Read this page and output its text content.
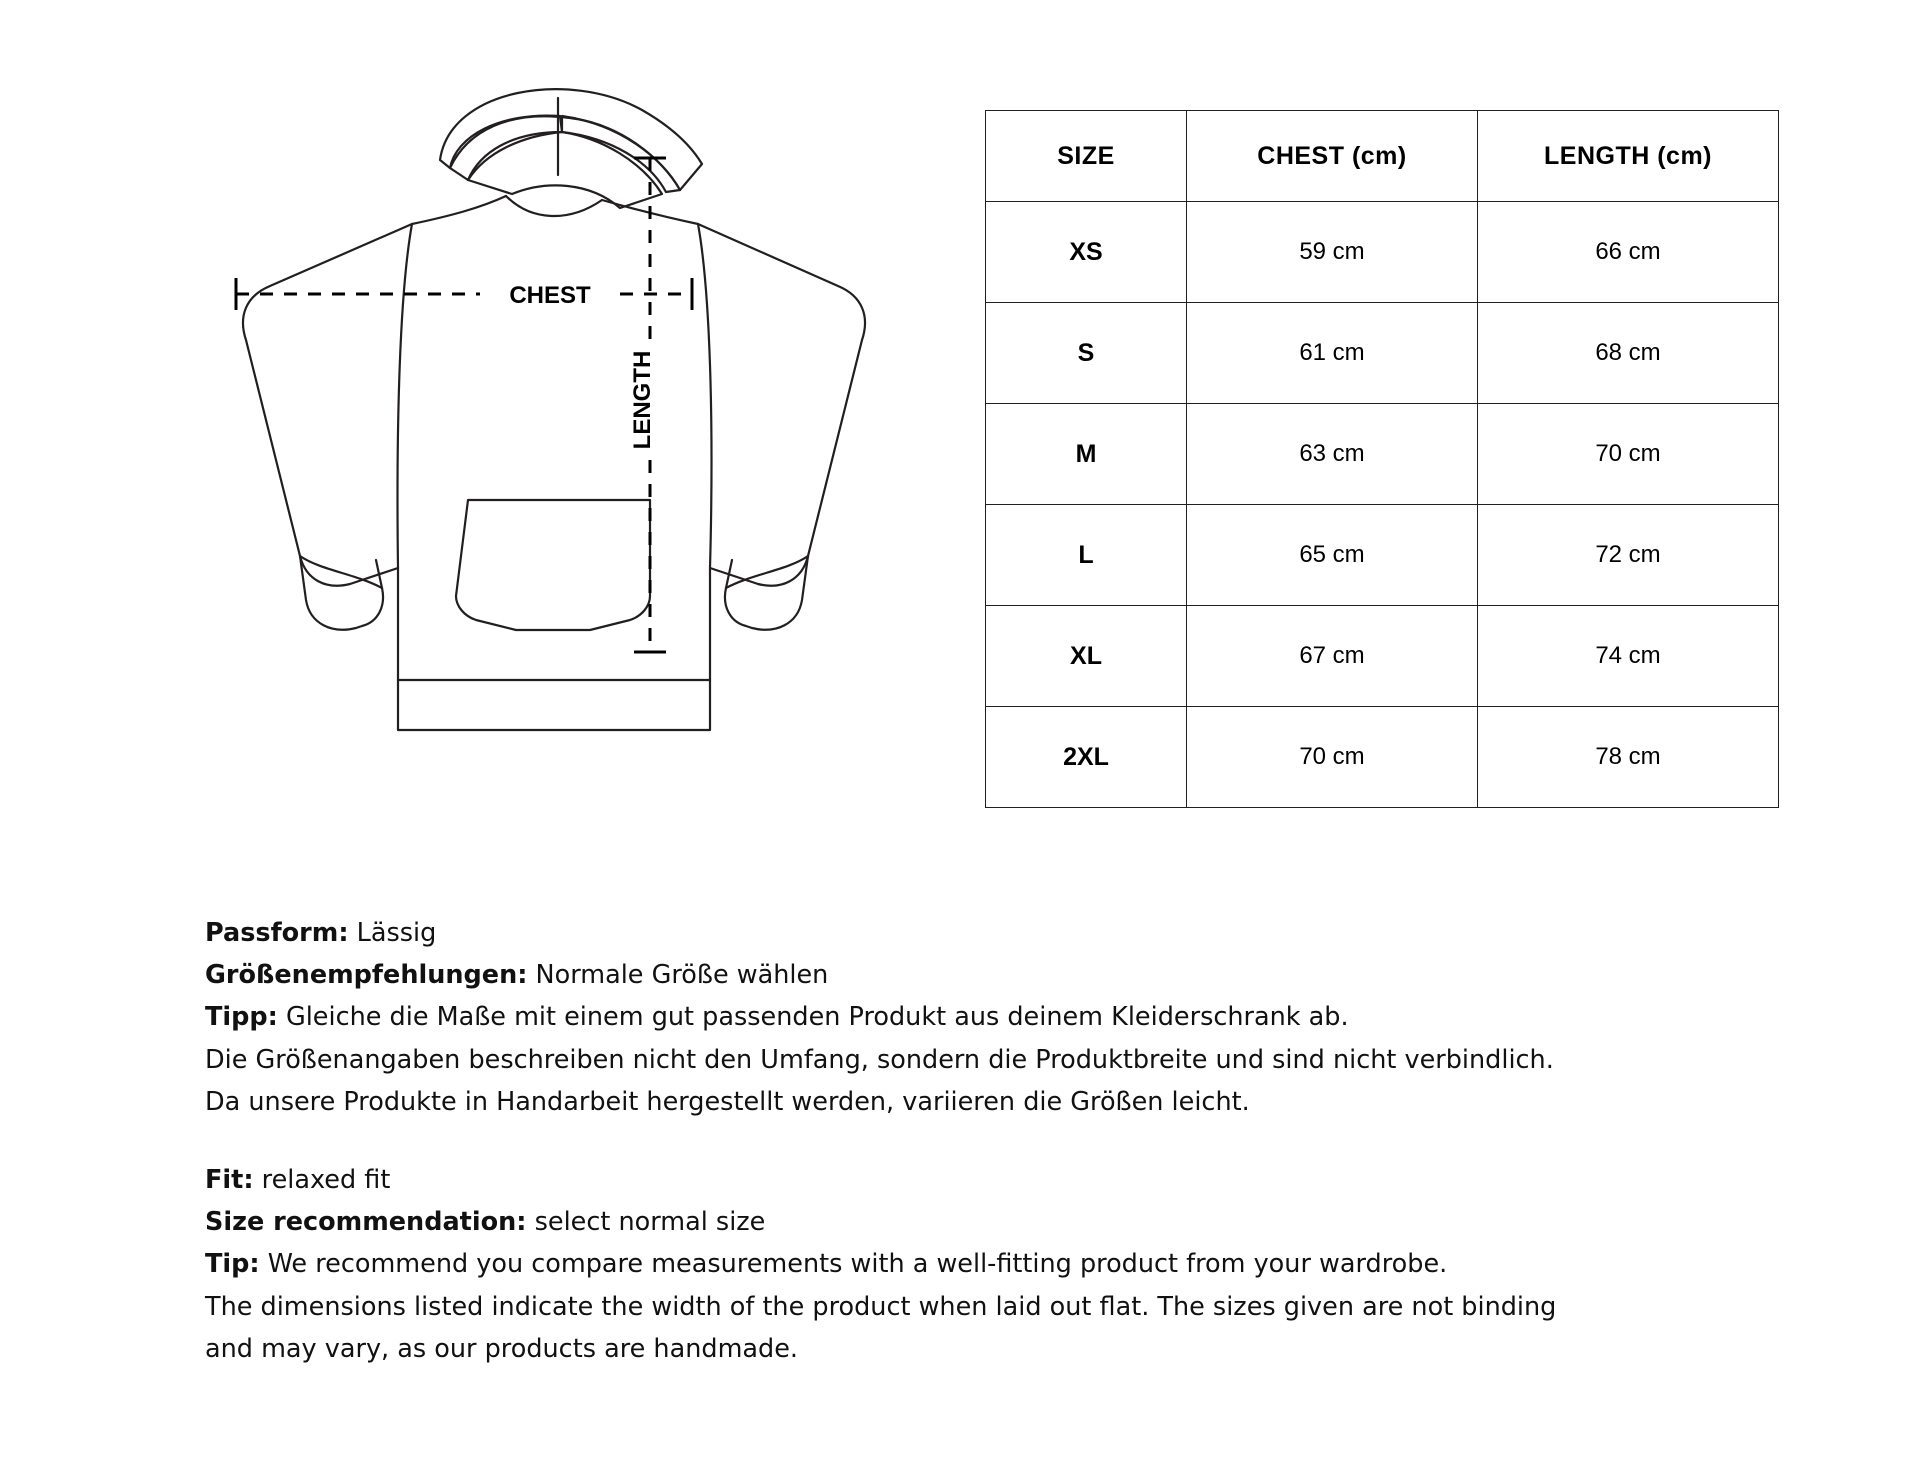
CHEST
LENGTH
SIZE	CHEST (cm)	LENGTH (cm)
XS	59 cm	66 cm
S	61 cm	68 cm
M	63 cm	70 cm
L	65 cm	72 cm
XL	67 cm	74 cm
2XL	70 cm	78 cm

Passform: Lässig

Größenempfehlungen: Normale Größe wählen

Tipp: Gleiche die Maße mit einem gut passenden Produkt aus deinem Kleiderschrank ab.

Die Größenangaben beschreiben nicht den Umfang, sondern die Produktbreite und sind nicht verbindlich.

Da unsere Produkte in Handarbeit hergestellt werden, variieren die Größen leicht.

Fit: relaxed fit

Size recommendation: select normal size

Tip: We recommend you compare measurements with a well-fitting product from your wardrobe.

The dimensions listed indicate the width of the product when laid out flat. The sizes given are not binding

and may vary, as our products are handmade.
